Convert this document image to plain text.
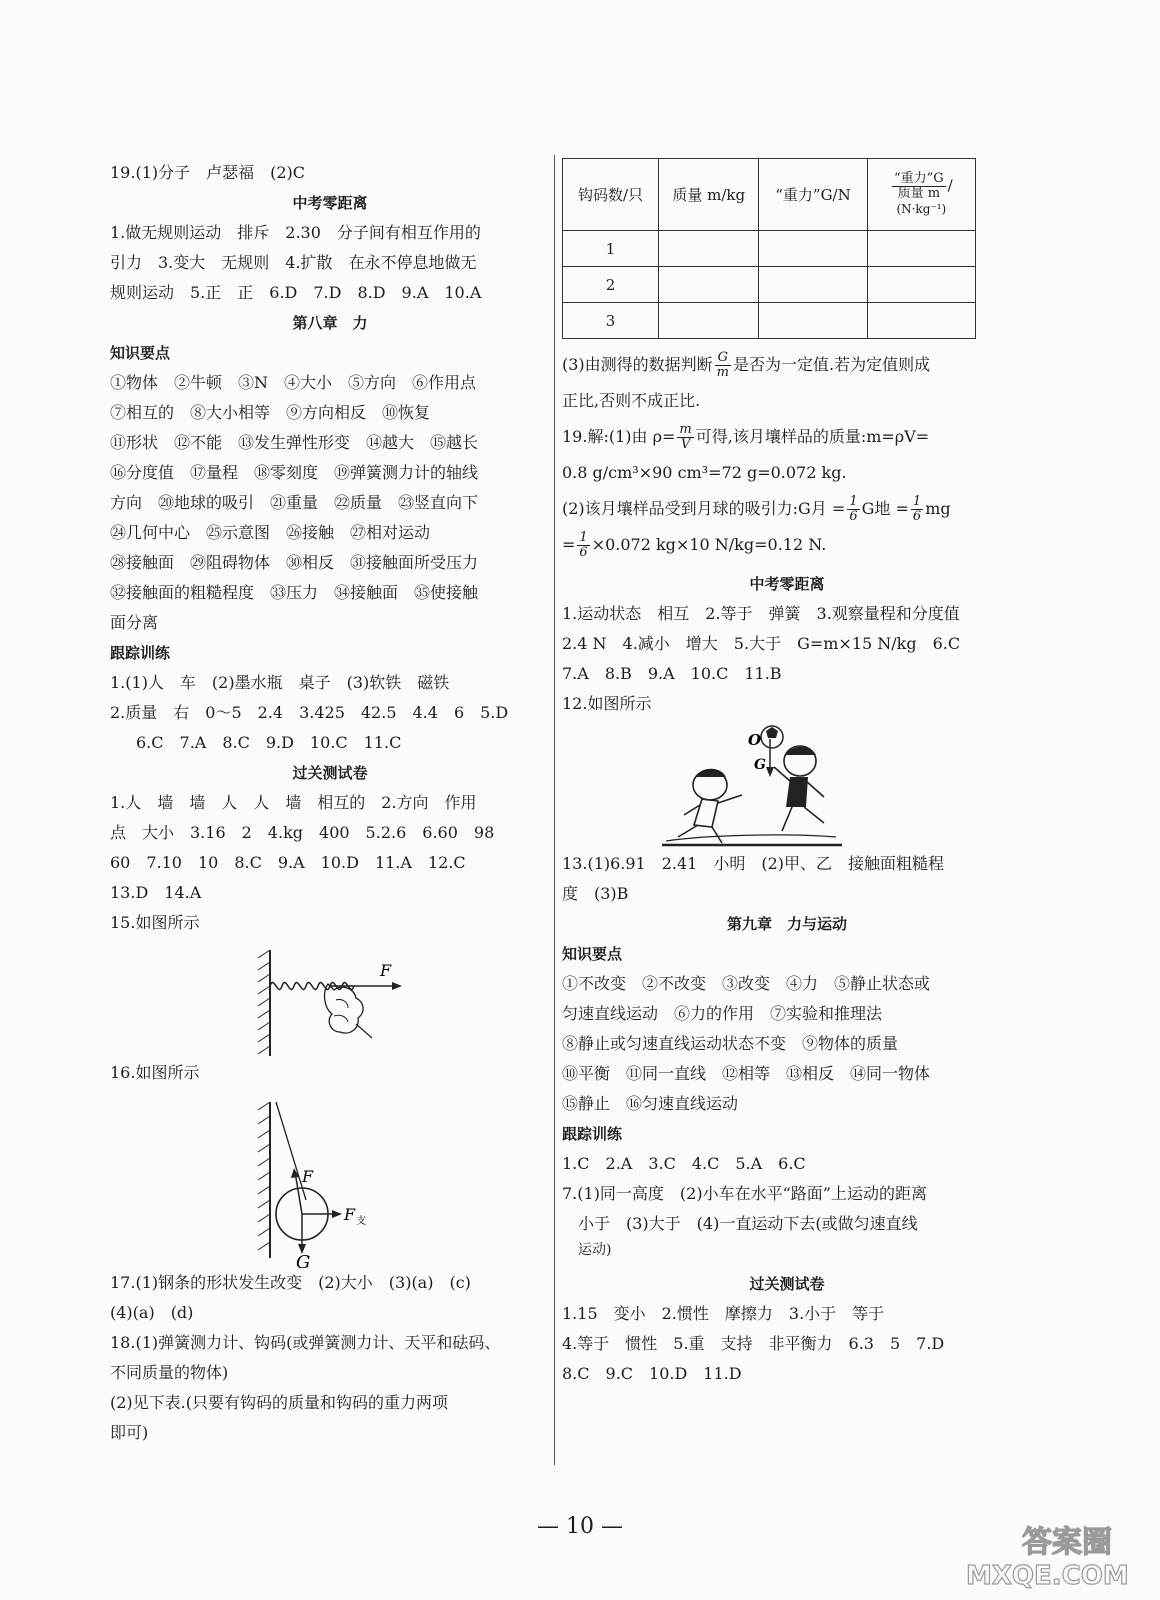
19.(1)分子　卢瑟福　(2)C
中考零距离
1.做无规则运动　排斥　2.30　分子间有相互作用的
引力　3.变大　无规则　4.扩散　在永不停息地做无
规则运动　5.正　正　6.D　7.D　8.D　9.A　10.A
第八章　力
知识要点
①物体　②牛顿　③N　④大小　⑤方向　⑥作用点
⑦相互的　⑧大小相等　⑨方向相反　⑩恢复
⑪形状　⑫不能　⑬发生弹性形变　⑭越大　⑮越长
⑯分度值　⑰量程　⑱零刻度　⑲弹簧测力计的轴线
方向　⑳地球的吸引　㉑重量　㉒质量　㉓竖直向下
㉔几何中心　㉕示意图　㉖接触　㉗相对运动
㉘接触面　㉙阻碍物体　㉚相反　㉛接触面所受压力
㉜接触面的粗糙程度　㉝压力　㉞接触面　㉟使接触
面分离
跟踪训练
1.(1)人　车　(2)墨水瓶　桌子　(3)软铁　磁铁
2.质量　右　0～5　2.4　3.425　42.5　4.4　6　5.D
6.C　7.A　8.C　9.D　10.C　11.C
过关测试卷
1.人　墙　墙　人　人　墙　相互的　2.方向　作用
点　大小　3.16　2　4.kg　400　5.2.6　6.60　98
60　7.10　10　8.C　9.A　10.D　11.A　12.C
13.D　14.A
15.如图所示
F
16.如图所示
F
F 支
G
17.(1)钢条的形状发生改变　(2)大小　(3)(a)　(c)
(4)(a)　(d)
18.(1)弹簧测力计、钩码(或弹簧测力计、天平和砝码、
不同质量的物体)
(2)见下表.(只要有钩码的质量和钩码的重力两项
即可)
钩码数/只	质量 m/kg	“重力”G/N	$\frac{\text{“重力”G}}{\text{质量 m}}$ /
(N·kg⁻¹)

1			
2			
3			
(3)由测得的数据判断 $\frac{G}{m}$ 是否为一定值.若为定值则成
正比,否则不成正比.
19.解:(1)由 $\rho= \frac{m}{V}$ 可得,该月壤样品的质量:m=ρV=
0.8 g/cm³×90 cm³=72 g=0.072 kg.
(2)该月壤样品受到月球的吸引力:G月 = $\frac{1}{6}$ G地 = $\frac{1}{6}$ mg
= $\frac{1}{6} \times 0.072$ kg×10 N/kg=0.12 N.
中考零距离
1.运动状态　相互　2.等于　弹簧　3.观察量程和分度值
2.4 N　4.减小　增大　5.大于　G=m×15 N/kg　6.C
7.A　8.B　9.A　10.C　11.B
12.如图所示
O
G
13.(1)6.91　2.41　小明　(2)甲、乙　接触面粗糙程
度　(3)B
第九章　力与运动
知识要点
①不改变　②不改变　③改变　④力　⑤静止状态或
匀速直线运动　⑥力的作用　⑦实验和推理法
⑧静止或匀速直线运动状态不变　⑨物体的质量
⑩平衡　⑪同一直线　⑫相等　⑬相反　⑭同一物体
⑮静止　⑯匀速直线运动
跟踪训练
1.C　2.A　3.C　4.C　5.A　6.C
7.(1)同一高度　(2)小车在水平“路面”上运动的距离
小于　(3)大于　(4)一直运动下去(或做匀速直线
运动)
过关测试卷
1.15　变小　2.惯性　摩擦力　3.小于　等于
4.等于　惯性　5.重　支持　非平衡力　6.3　5　7.D
8.C　9.C　10.D　11.D
— 10 —	答案圈
MXQE.COM
